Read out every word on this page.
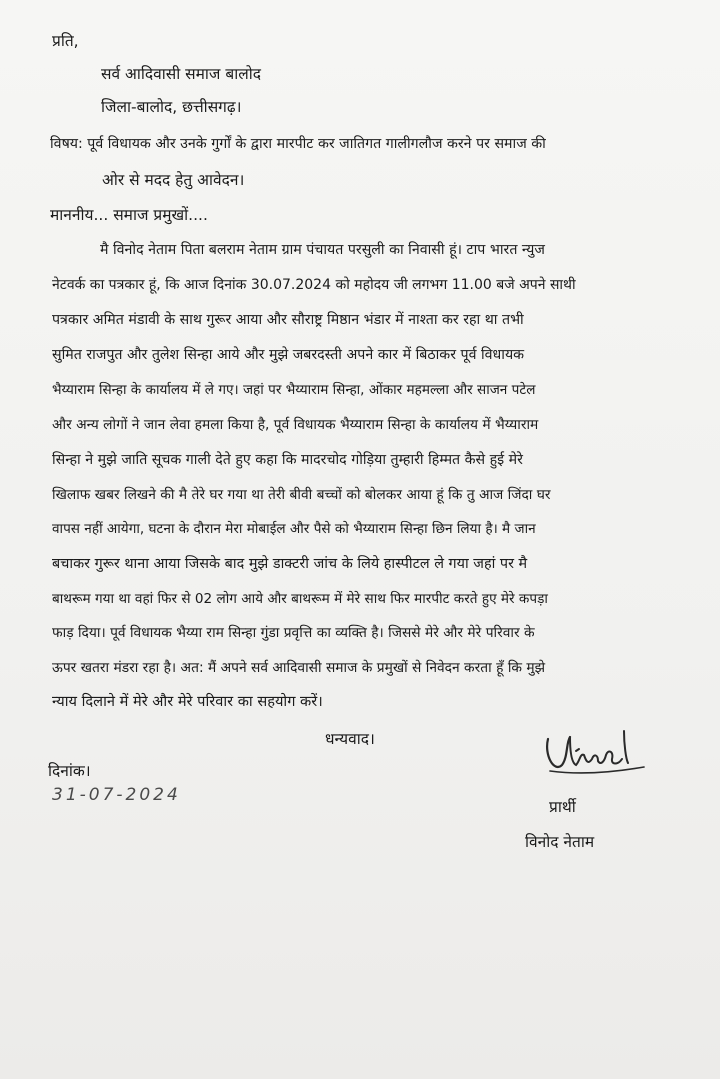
प्रति,
सर्व आदिवासी समाज बालोद
जिला-बालोद, छत्तीसगढ़।
विषय: पूर्व विधायक और उनके गुर्गों के द्वारा मारपीट कर जातिगत गालीगलौज करने पर समाज की
ओर से मदद हेतु आवेदन।
माननीय... समाज प्रमुखों....
मै विनोद नेताम पिता बलराम नेताम ग्राम पंचायत परसुली का निवासी हूं। टाप भारत न्युज
नेटवर्क का पत्रकार हूं, कि आज दिनांक 30.07.2024 को महोदय जी लगभग 11.00 बजे अपने साथी
पत्रकार अमित मंडावी के साथ गुरूर आया और सौराष्ट्र मिष्ठान भंडार में नाश्ता कर रहा था तभी
सुमित राजपुत और तुलेश सिन्हा आये और मुझे जबरदस्ती अपने कार में बिठाकर पूर्व विधायक
भैय्याराम सिन्हा के कार्यालय में ले गए। जहां पर भैय्याराम सिन्हा, ओंकार महमल्ला और साजन पटेल
और अन्य लोगों ने जान लेवा हमला किया है, पूर्व विधायक भैय्याराम सिन्हा के कार्यालय में भैय्याराम
सिन्हा ने मुझे जाति सूचक गाली देते हुए कहा कि मादरचोद गोड़िया तुम्हारी हिम्मत कैसे हुई मेरे
खिलाफ खबर लिखने की मै तेरे घर गया था तेरी बीवी बच्चों को बोलकर आया हूं कि तु आज जिंदा घर
वापस नहीं आयेगा, घटना के दौरान मेरा मोबाईल और पैसे को भैय्याराम सिन्हा छिन लिया है। मै जान
बचाकर गुरूर थाना आया जिसके बाद मुझे डाक्टरी जांच के लिये हास्पीटल ले गया जहां पर मै
बाथरूम गया था वहां फिर से 02 लोग आये और बाथरूम में मेरे साथ फिर मारपीट करते हुए मेरे कपड़ा
फाड़ दिया। पूर्व विधायक भैय्या राम सिन्हा गुंडा प्रवृत्ति का व्यक्ति है। जिससे मेरे और मेरे परिवार के
ऊपर खतरा मंडरा रहा है। अत: मैं अपने सर्व आदिवासी समाज के प्रमुखों से निवेदन करता हूँ कि मुझे
न्याय दिलाने में मेरे और मेरे परिवार का सहयोग करें।
धन्यवाद।
दिनांक।
31-07-2024
प्रार्थी
विनोद नेताम
